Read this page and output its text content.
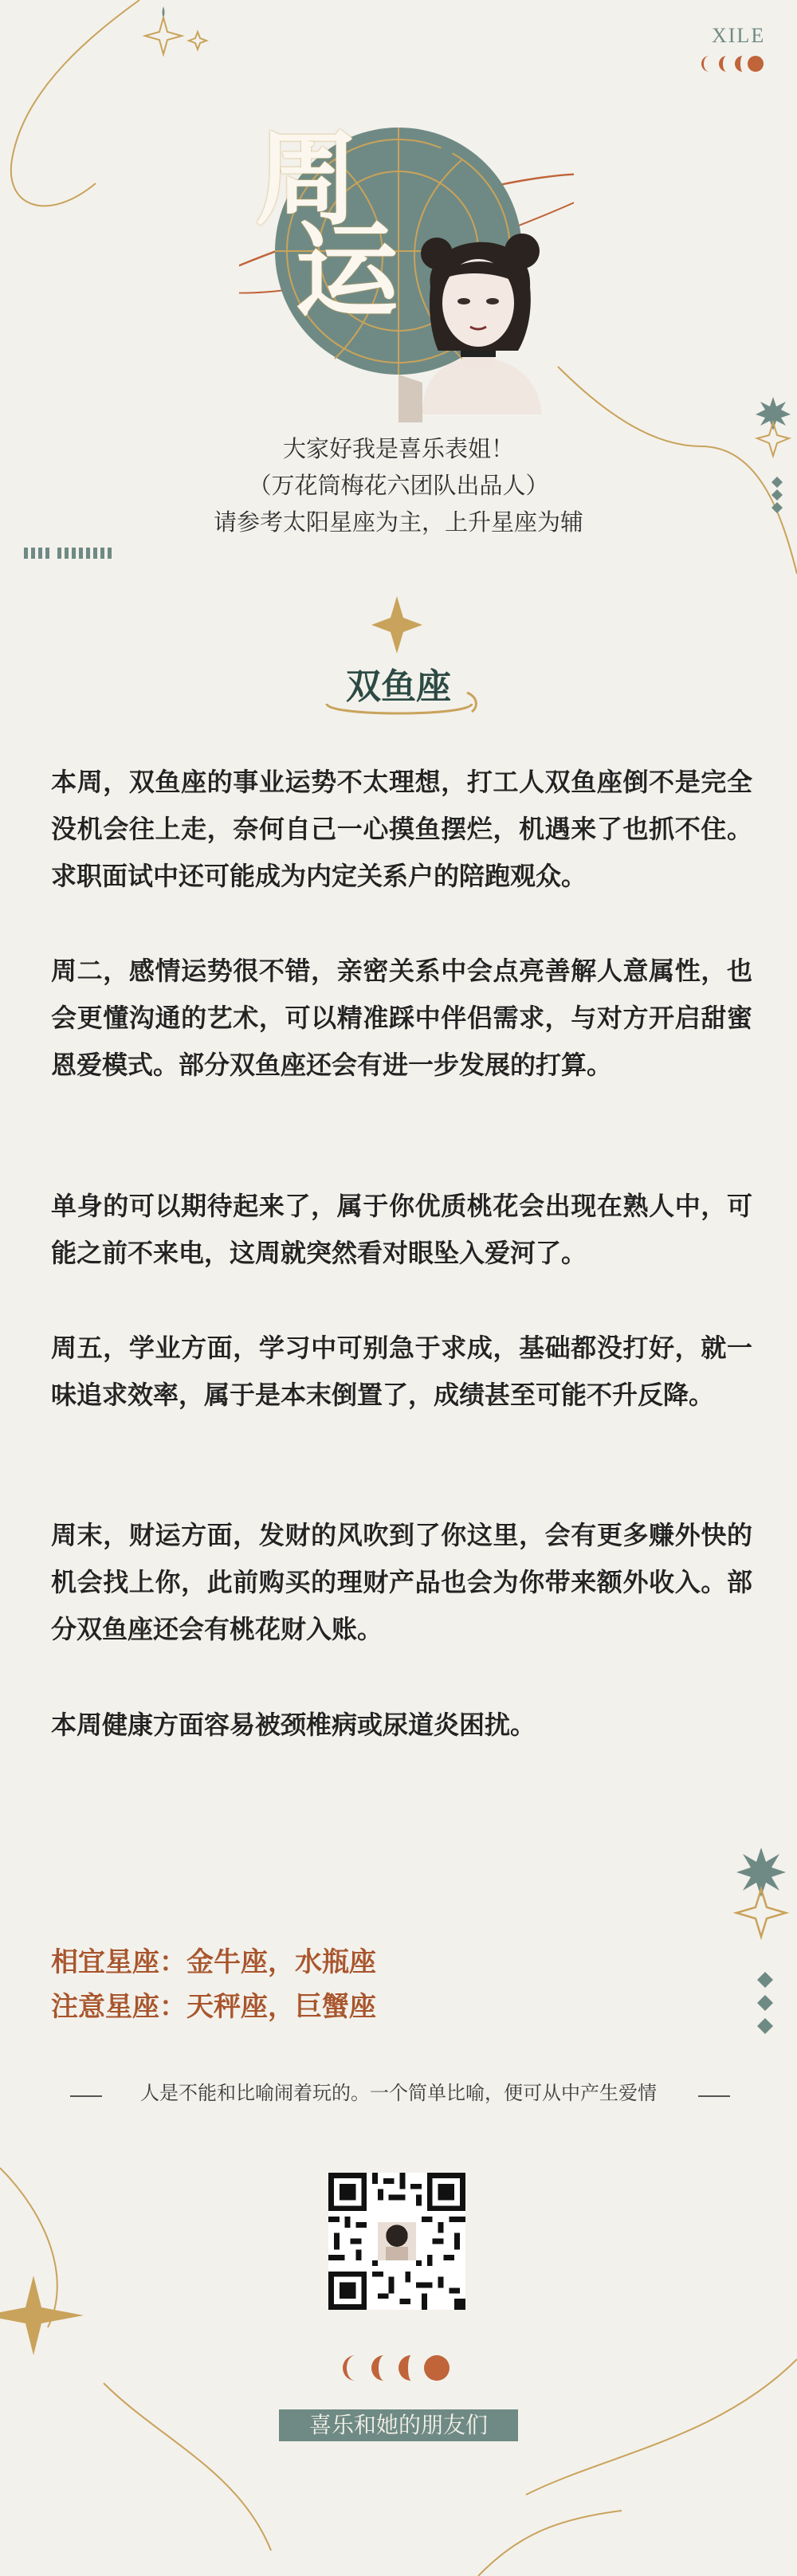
XILE
周
运
大家好我是喜乐表姐！
（万花筒梅花六团队出品人）
请参考太阳星座为主，上升星座为辅
双鱼座
本周，双鱼座的事业运势不太理想，打工人双鱼座倒不是完全没机会往上走，奈何自己一心摸鱼摆烂，机遇来了也抓不住。求职面试中还可能成为内定关系户的陪跑观众。
周二，感情运势很不错，亲密关系中会点亮善解人意属性，也会更懂沟通的艺术，可以精准踩中伴侣需求，与对方开启甜蜜恩爱模式。部分双鱼座还会有进一步发展的打算。
单身的可以期待起来了，属于你优质桃花会出现在熟人中，可能之前不来电，这周就突然看对眼坠入爱河了。
周五，学业方面，学习中可别急于求成，基础都没打好，就一味追求效率，属于是本末倒置了，成绩甚至可能不升反降。
周末，财运方面，发财的风吹到了你这里，会有更多赚外快的机会找上你，此前购买的理财产品也会为你带来额外收入。部分双鱼座还会有桃花财入账。
本周健康方面容易被颈椎病或尿道炎困扰。
相宜星座：金牛座，水瓶座
注意星座：天秤座，巨蟹座
人是不能和比喻闹着玩的。一个简单比喻，便可从中产生爱情
喜乐和她的朋友们
